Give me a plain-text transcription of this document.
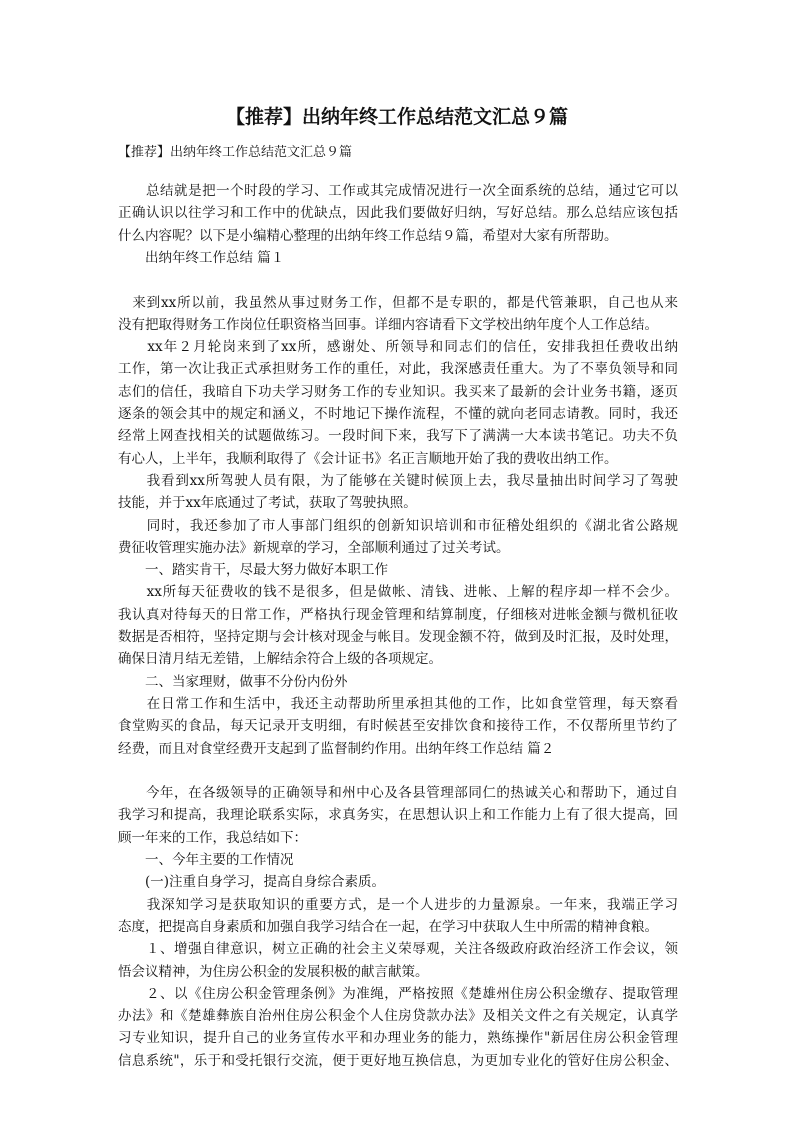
【推荐】出纳年终工作总结范文汇总９篇
【推荐】出纳年终工作总结范文汇总９篇
　　总结就是把一个时段的学习、工作或其完成情况进行一次全面系统的总结，通过它可以
正确认识以往学习和工作中的优缺点，因此我们要做好归纳，写好总结。那么总结应该包括
什么内容呢？以下是小编精心整理的出纳年终工作总结９篇，希望对大家有所帮助。
　　出纳年终工作总结 篇１
　来到xx所以前，我虽然从事过财务工作，但都不是专职的，都是代管兼职，自己也从来
没有把取得财务工作岗位任职资格当回事。详细内容请看下文学校出纳年度个人工作总结。
　　xx年２月轮岗来到了xx所，感谢处、所领导和同志们的信任，安排我担任费收出纳
工作，第一次让我正式承担财务工作的重任，对此，我深感责任重大。为了不辜负领导和同
志们的信任，我暗自下功夫学习财务工作的专业知识。我买来了最新的会计业务书籍，逐页
逐条的领会其中的规定和涵义，不时地记下操作流程，不懂的就向老同志请教。同时，我还
经常上网查找相关的试题做练习。一段时间下来，我写下了满满一大本读书笔记。功夫不负
有心人，上半年，我顺利取得了《会计证书》名正言顺地开始了我的费收出纳工作。
　　我看到xx所驾驶人员有限，为了能够在关键时候顶上去，我尽量抽出时间学习了驾驶
技能，并于xx年底通过了考试，获取了驾驶执照。
　　同时，我还参加了市人事部门组织的创新知识培训和市征稽处组织的《湖北省公路规
费征收管理实施办法》新规章的学习，全部顺利通过了过关考试。
　　一、踏实肯干，尽最大努力做好本职工作
　　xx所每天征费收的钱不是很多，但是做帐、清钱、进帐、上解的程序却一样不会少。
我认真对待每天的日常工作，严格执行现金管理和结算制度，仔细核对进帐金额与微机征收
数据是否相符，坚持定期与会计核对现金与帐目。发现金额不符，做到及时汇报，及时处理，
确保日清月结无差错，上解结余符合上级的各项规定。
　　二、当家理财，做事不分份内份外
　　在日常工作和生活中，我还主动帮助所里承担其他的工作，比如食堂管理，每天察看
食堂购买的食品，每天记录开支明细，有时候甚至安排饮食和接待工作，不仅帮所里节约了
经费，而且对食堂经费开支起到了监督制约作用。出纳年终工作总结 篇２
　　今年，在各级领导的正确领导和州中心及各县管理部同仁的热诚关心和帮助下，通过自
我学习和提高，我理论联系实际，求真务实，在思想认识上和工作能力上有了很大提高，回
顾一年来的工作，我总结如下：
　　一、今年主要的工作情况
　　(一)注重自身学习，提高自身综合素质。
　　我深知学习是获取知识的重要方式，是一个人进步的力量源泉。一年来，我端正学习
态度，把提高自身素质和加强自我学习结合在一起，在学习中获取人生中所需的精神食粮。
　　１、增强自律意识，树立正确的社会主义荣辱观，关注各级政府政治经济工作会议，领
悟会议精神，为住房公积金的发展积极的献言献策。
　　２、以《住房公积金管理条例》为准绳，严格按照《楚雄州住房公积金缴存、提取管理
办法》和《楚雄彝族自治州住房公积金个人住房贷款办法》及相关文件之有关规定，认真学
习专业知识，提升自己的业务宣传水平和办理业务的能力，熟练操作"新居住房公积金管理
信息系统"，乐于和受托银行交流，便于更好地互换信息，为更加专业化的管好住房公积金、
